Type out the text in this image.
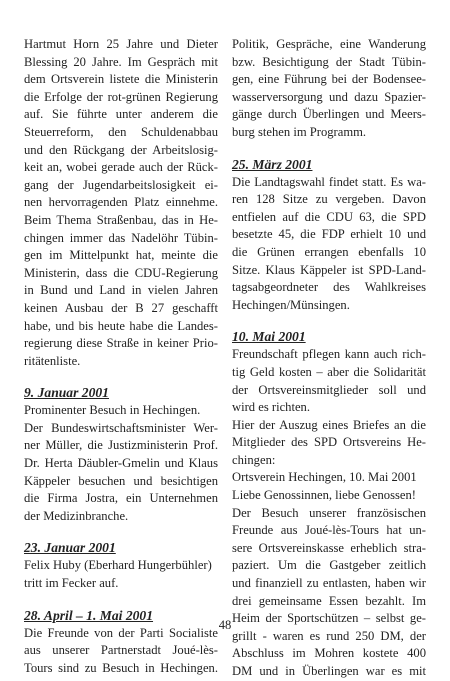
Hartmut Horn 25 Jahre und Dieter
Blessing 20 Jahre. Im Gespräch mit
dem Ortsverein listete die Ministerin
die Erfolge der rot-grünen Regierung
auf. Sie führte unter anderem die
Steuerreform, den Schuldenabbau
und den Rückgang der Arbeitslosig-
keit an, wobei gerade auch der Rück-
gang der Jugendarbeitslosigkeit ei-
nen hervorragenden Platz einnehme.
Beim Thema Straßenbau, das in He-
chingen immer das Nadelöhr Tübin-
gen im Mittelpunkt hat, meinte die
Ministerin, dass die CDU-Regierung
in Bund und Land in vielen Jahren
keinen Ausbau der B 27 geschafft
habe, und bis heute habe die Landes-
regierung diese Straße in keiner Prio-
ritätenliste.
9. Januar 2001
Prominenter Besuch in Hechingen.
Der Bundeswirtschaftsminister Wer-
ner Müller, die Justizministerin Prof.
Dr. Herta Däubler-Gmelin und Klaus
Käppeler besuchen und besichtigen
die Firma Jostra, ein Unternehmen
der Medizinbranche.
23. Januar 2001
Felix Huby (Eberhard Hungerbühler)
tritt im Fecker auf.
28. April – 1. Mai 2001
Die Freunde von der Parti Socialiste
aus unserer Partnerstadt Joué-lès-
Tours sind zu Besuch in Hechingen.
Politik, Gespräche, eine Wanderung
bzw. Besichtigung der Stadt Tübin-
gen, eine Führung bei der Bodensee-
wasserversorgung und dazu Spazier-
gänge durch Überlingen und Meers-
burg stehen im Programm.
25. März 2001
Die Landtagswahl findet statt. Es wa-
ren 128 Sitze zu vergeben. Davon
entfielen auf die CDU 63, die SPD
besetzte 45, die FDP erhielt 10 und
die Grünen errangen ebenfalls 10
Sitze. Klaus Käppeler ist SPD-Land-
tagsabgeordneter des Wahlkreises
Hechingen/Münsingen.
10. Mai 2001
Freundschaft pflegen kann auch rich-
tig Geld kosten – aber die Solidarität
der Ortsvereinsmitglieder soll und
wird es richten.
Hier der Auszug eines Briefes an die
Mitglieder des SPD Ortsvereins He-
chingen:
Ortsverein Hechingen, 10. Mai 2001
Liebe Genossinnen, liebe Genossen!
Der Besuch unserer französischen
Freunde aus Joué-lès-Tours hat un-
sere Ortsvereinskasse erheblich stra-
paziert. Um die Gastgeber zeitlich
und finanziell zu entlasten, haben wir
drei gemeinsame Essen bezahlt. Im
Heim der Sportschützen – selbst ge-
grillt - waren es rund 250 DM, der
Abschluss im Mohren kostete 400
DM und in Überlingen war es mit
48
